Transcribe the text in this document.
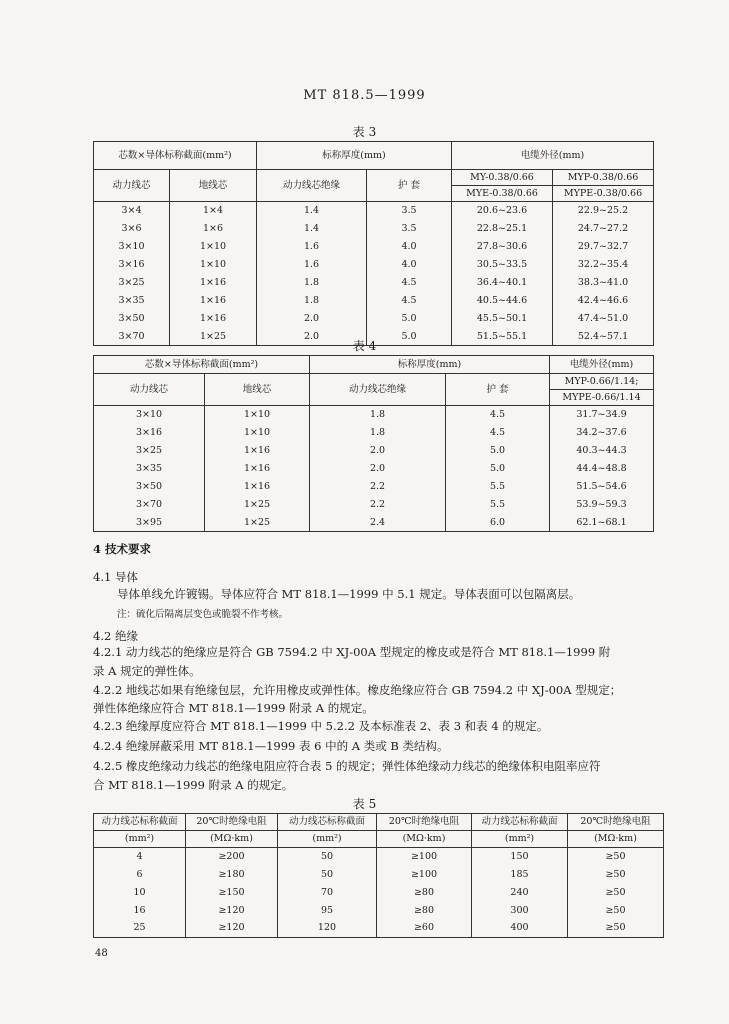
MT 818.5—1999
表 3
芯数×导体标称截面(mm²)		标称厚度(mm)		电缆外径(mm)	
动力线芯	地线芯	动力线芯绝缘	护 套	MY-0.38/0.66	MYP-0.38/0.66
				MYE-0.38/0.66	MYPE-0.38/0.66
3×4	1×4	1.4	3.5	20.6~23.6	22.9~25.2
3×6	1×6	1.4	3.5	22.8~25.1	24.7~27.2
3×10	1×10	1.6	4.0	27.8~30.6	29.7~32.7
3×16	1×10	1.6	4.0	30.5~33.5	32.2~35.4
3×25	1×16	1.8	4.5	36.4~40.1	38.3~41.0
3×35	1×16	1.8	4.5	40.5~44.6	42.4~46.6
3×50	1×16	2.0	5.0	45.5~50.1	47.4~51.0
3×70	1×25	2.0	5.0	51.5~55.1	52.4~57.1
表 4
芯数×导体标称截面(mm²)		标称厚度(mm)		电缆外径(mm)
动力线芯	地线芯	动力线芯绝缘	护 套	MYP-0.66/1.14;
				MYPE-0.66/1.14
3×10	1×10	1.8	4.5	31.7~34.9
3×16	1×10	1.8	4.5	34.2~37.6
3×25	1×16	2.0	5.0	40.3~44.3
3×35	1×16	2.0	5.0	44.4~48.8
3×50	1×16	2.2	5.5	51.5~54.6
3×70	1×25	2.2	5.5	53.9~59.3
3×95	1×25	2.4	6.0	62.1~68.1
4 技术要求
4.1 导体
导体单线允许镀锡。导体应符合 MT 818.1—1999 中 5.1 规定。导体表面可以包隔离层。
注：硫化后隔离层变色或脆裂不作考核。
4.2 绝缘
4.2.1 动力线芯的绝缘应是符合 GB 7594.2 中 XJ-00A 型规定的橡皮或是符合 MT 818.1—1999 附
录 A 规定的弹性体。
4.2.2 地线芯如果有绝缘包层，允许用橡皮或弹性体。橡皮绝缘应符合 GB 7594.2 中 XJ-00A 型规定；
弹性体绝缘应符合 MT 818.1—1999 附录 A 的规定。
4.2.3 绝缘厚度应符合 MT 818.1—1999 中 5.2.2 及本标准表 2、表 3 和表 4 的规定。
4.2.4 绝缘屏蔽采用 MT 818.1—1999 表 6 中的 A 类或 B 类结构。
4.2.5 橡皮绝缘动力线芯的绝缘电阻应符合表 5 的规定；弹性体绝缘动力线芯的绝缘体积电阻率应符
合 MT 818.1—1999 附录 A 的规定。
表 5
动力线芯标称截面	20℃时绝缘电阻	动力线芯标称截面	20℃时绝缘电阻	动力线芯标称截面	20℃时绝缘电阻
(mm²)	(MΩ·km)	(mm²)	(MΩ·km)	(mm²)	(MΩ·km)
4	≥200	50	≥100	150	≥50
6	≥180	50	≥100	185	≥50
10	≥150	70	≥80	240	≥50
16	≥120	95	≥80	300	≥50
25	≥120	120	≥60	400	≥50
48
